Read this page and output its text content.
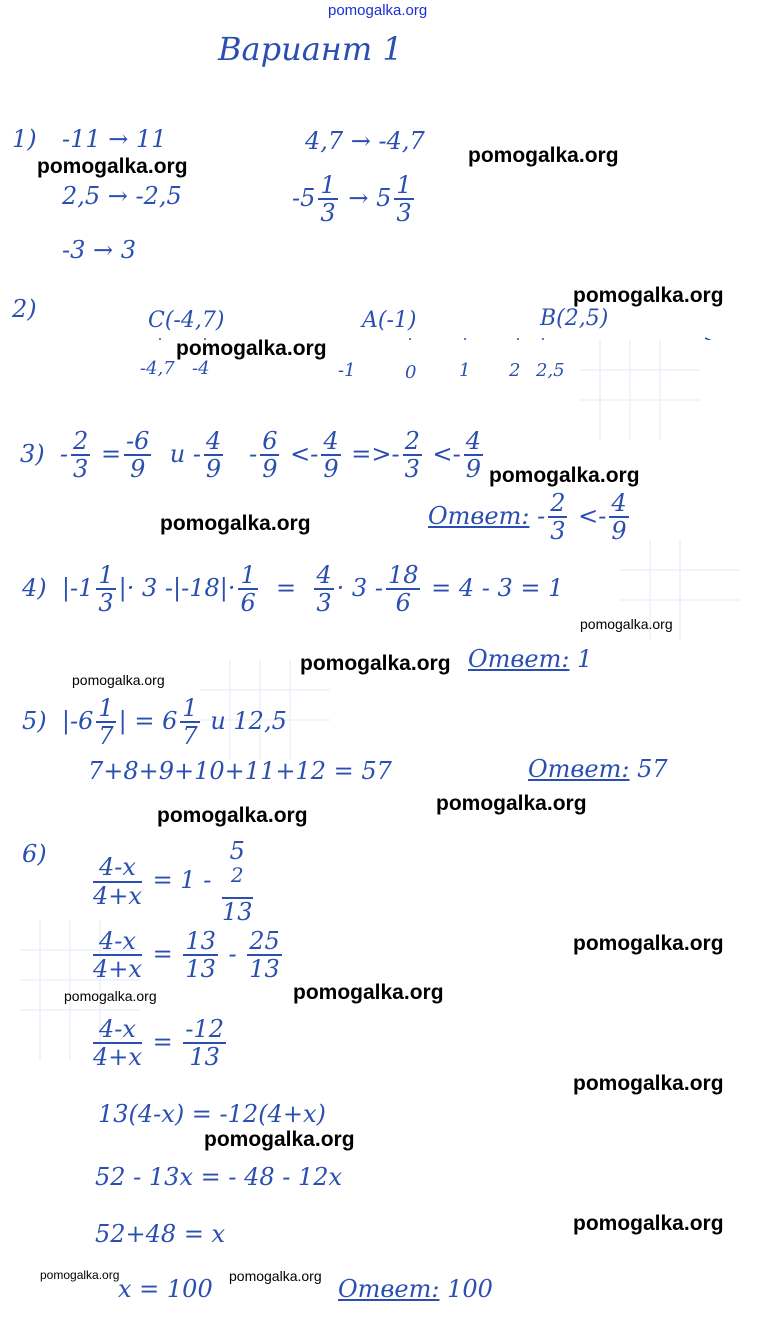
pomogalka.org
pomogalka.org	pomogalka.org
pomogalka.org
pomogalka.org
pomogalka.org
pomogalka.org
pomogalka.org
pomogalka.org
pomogalka.org
pomogalka.org
pomogalka.org
pomogalka.org
pomogalka.org
pomogalka.org
pomogalka.org
pomogalka.org
pomogalka.org
pomogalka.org	pomogalka.org
Вариант 1
1) -11 → 11	4,7 → -4,7
2,5 → -2,5	$-5 \frac{1}{3} \to 5 \frac{1}{3}$
-3 → 3
2)	C(-4,7)	A(-1)	B(2,5)
-4,7 -4	-1	0 1 2 2,5
$3) - \frac{2}{3} = \frac{-6}{9}$ $и - \frac{4}{9} - \frac{6}{9} <- \frac{4}{9}$ =>- $\frac{2}{3} <- \frac{4}{9}$
Ответ: - $\frac{2}{3} <- \frac{4}{9}$
4) $|-1 \frac{1}{3}$ |· 3 $-|-18|\cdot \frac{1}{6} = \frac{4}{3} \cdot 3 - \frac{18}{6} = 4 - 3 = 1$
Ответ: 1
5) $|-6 \frac{1}{7}$ | = $6 \frac{1}{7}$ и 12,5
7+8+9+10+11+12 = 57	Ответ: 57
6)
$\frac{4-x}{4+x} = 1 - 5$
$^2$
13
$\frac{4-x}{4+x} = \frac{13}{13} - \frac{25}{13}$
$\frac{4-x}{4+x} = \frac{-12}{13}$
13(4-x) = -12(4+x)
52 - 13x = - 48 - 12x
52+48 = x
x = 100	Ответ: 100
